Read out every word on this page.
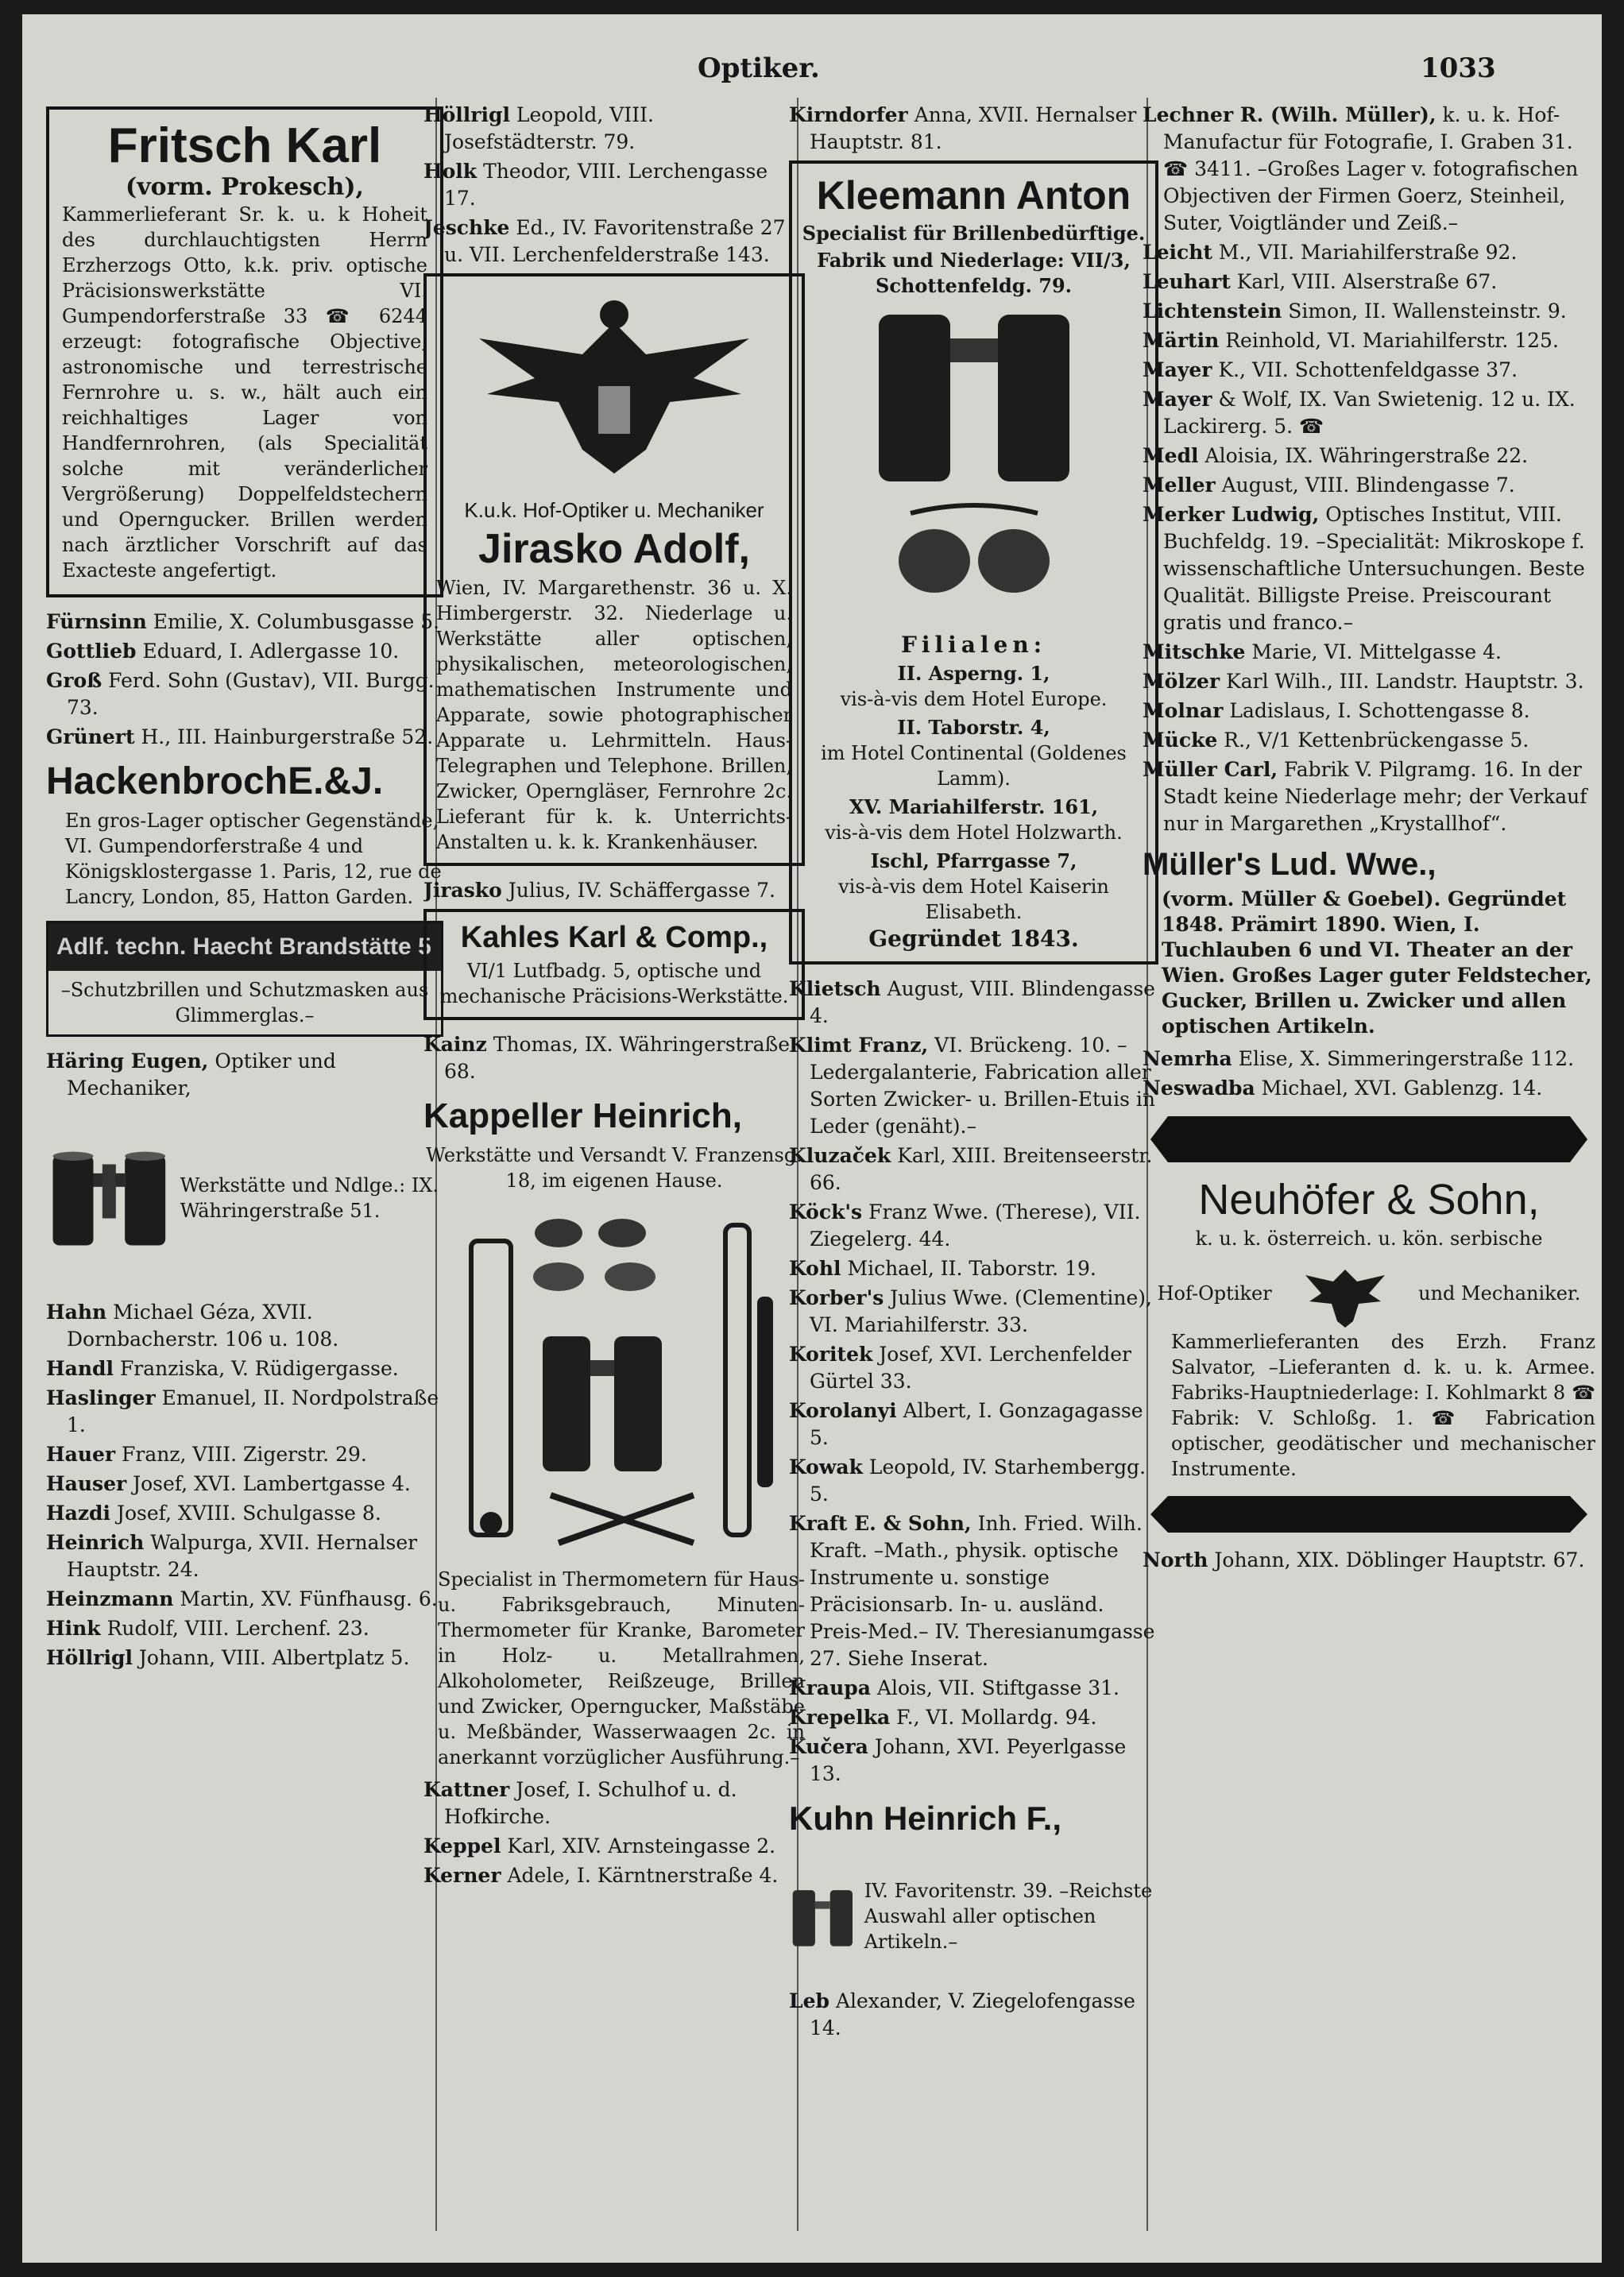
Optiker.	1033
Fritsch Karl

(vorm. Prokesch),

Kammerlieferant Sr. k. u. k Hoheit des durchlauchtigsten Herrn Erzherzogs Otto, k.k. priv. optische Präcisionswerkstätte VI. Gumpendorferstraße 33 ☎ 6244 erzeugt: fotografische Objective, astronomische und terrestrische Fernrohre u. s. w., hält auch ein reichhaltiges Lager von Handfernrohren, (als Specialität solche mit veränderlicher Vergrößerung) Doppelfeldstechern und Operngucker. Brillen werden nach ärztlicher Vorschrift auf das Exacteste angefertigt.

Fürnsinn Emilie, X. Columbusgasse 5.
Gottlieb Eduard, I. Adlergasse 10.
Groß Ferd. Sohn (Gustav), VII. Burgg. 73.
Grünert H., III. Hainburgerstraße 52.
HackenbrochE.&J.
En gros-Lager optischer Gegenstände, VI. Gumpendorferstraße 4 und Königsklostergasse 1. Paris, 12, rue de Lancry, London, 85, Hatton Garden.
Adlf. techn. Haecht Brandstätte 5
–Schutzbrillen und Schutzmasken aus Glimmerglas.–
Häring Eugen, Optiker und Mechaniker,
Werkstätte und Ndlge.: IX. Währingerstraße 51.
Hahn Michael Géza, XVII. Dornbacherstr. 106 u. 108.
Handl Franziska, V. Rüdigergasse.
Haslinger Emanuel, II. Nordpolstraße 1.
Hauer Franz, VIII. Zigerstr. 29.
Hauser Josef, XVI. Lambertgasse 4.
Hazdi Josef, XVIII. Schulgasse 8.
Heinrich Walpurga, XVII. Hernalser Hauptstr. 24.
Heinzmann Martin, XV. Fünfhausg. 6.
Hink Rudolf, VIII. Lerchenf. 23.
Höllrigl Johann, VIII. Albertplatz 5.
Höllrigl Leopold, VIII. Josefstädterstr. 79.
Holk Theodor, VIII. Lerchengasse 17.
Jeschke Ed., IV. Favoritenstraße 27 u. VII. Lerchenfelderstraße 143.

K.u.k. Hof-Optiker u. Mechaniker

Jirasko Adolf,

Wien, IV. Margarethenstr. 36 u. X. Himbergerstr. 32. Niederlage u. Werkstätte aller optischen, physikalischen, meteorologischen, mathematischen Instrumente und Apparate, sowie photographischer Apparate u. Lehrmitteln. Haus-Telegraphen und Telephone. Brillen, Zwicker, Operngläser, Fernrohre 2c. Lieferant für k. k. Unterrichts-Anstalten u. k. k. Krankenhäuser.

Jirasko Julius, IV. Schäffergasse 7.
Kahles Karl & Comp.,

VI/1 Lutfbadg. 5, optische und mechanische Präcisions-Werkstätte.

Kainz Thomas, IX. Währingerstraße 68.
Kappeller Heinrich,
Werkstätte und Versandt V. Franzensg. 18, im eigenen Hause.
Specialist in Thermometern für Haus- u. Fabriksgebrauch, Minuten-Thermometer für Kranke, Barometer in Holz- u. Metallrahmen, Alkoholometer, Reißzeuge, Brillen und Zwicker, Operngucker, Maßstäbe u. Meßbänder, Wasserwaagen 2c. in anerkannt vorzüglicher Ausführung.–
Kattner Josef, I. Schulhof u. d. Hofkirche.
Keppel Karl, XIV. Arnsteingasse 2.
Kerner Adele, I. Kärntnerstraße 4.
Kirndorfer Anna, XVII. Hernalser Hauptstr. 81.
Kleemann Anton

Specialist für Brillenbedürftige.

Fabrik und Niederlage: VII/3, Schottenfeldg. 79.

Filialen:

II. Asperng. 1,

vis-à-vis dem Hotel Europe.

II. Taborstr. 4,

im Hotel Continental (Goldenes Lamm).

XV. Mariahilferstr. 161,

vis-à-vis dem Hotel Holzwarth.

Ischl, Pfarrgasse 7,

vis-à-vis dem Hotel Kaiserin Elisabeth.

Gegründet 1843.

Klietsch August, VIII. Blindengasse 4.
Klimt Franz, VI. Brückeng. 10. –Ledergalanterie, Fabrication aller Sorten Zwicker- u. Brillen-Etuis in Leder (genäht).–
Kluzaček Karl, XIII. Breitenseerstr. 66.
Köck's Franz Wwe. (Therese), VII. Ziegelerg. 44.
Kohl Michael, II. Taborstr. 19.
Korber's Julius Wwe. (Clementine), VI. Mariahilferstr. 33.
Koritek Josef, XVI. Lerchenfelder Gürtel 33.
Korolanyi Albert, I. Gonzagagasse 5.
Kowak Leopold, IV. Starhembergg. 5.
Kraft E. & Sohn, Inh. Fried. Wilh. Kraft. –Math., physik. optische Instrumente u. sonstige Präcisionsarb. In- u. ausländ. Preis-Med.– IV. Theresianumgasse 27. Siehe Inserat.
Kraupa Alois, VII. Stiftgasse 31.
Krepelka F., VI. Mollardg. 94.
Kučera Johann, XVI. Peyerlgasse 13.
Kuhn Heinrich F.,
IV. Favoritenstr. 39. –Reichste Auswahl aller optischen Artikeln.–
Leb Alexander, V. Ziegelofengasse 14.
Lechner R. (Wilh. Müller), k. u. k. Hof-Manufactur für Fotografie, I. Graben 31. ☎ 3411. –Großes Lager v. fotografischen Objectiven der Firmen Goerz, Steinheil, Suter, Voigtländer und Zeiß.–
Leicht M., VII. Mariahilferstraße 92.
Leuhart Karl, VIII. Alserstraße 67.
Lichtenstein Simon, II. Wallensteinstr. 9.
Märtin Reinhold, VI. Mariahilferstr. 125.
Mayer K., VII. Schottenfeldgasse 37.
Mayer & Wolf, IX. Van Swietenig. 12 u. IX. Lackirerg. 5. ☎
Medl Aloisia, IX. Währingerstraße 22.
Meller August, VIII. Blindengasse 7.
Merker Ludwig, Optisches Institut, VIII. Buchfeldg. 19. –Specialität: Mikroskope f. wissenschaftliche Untersuchungen. Beste Qualität. Billigste Preise. Preiscourant gratis und franco.–
Mitschke Marie, VI. Mittelgasse 4.
Mölzer Karl Wilh., III. Landstr. Hauptstr. 3.
Molnar Ladislaus, I. Schottengasse 8.
Mücke R., V/1 Kettenbrückengasse 5.
Müller Carl, Fabrik V. Pilgramg. 16. In der Stadt keine Niederlage mehr; der Verkauf nur in Margarethen „Krystallhof“.
Müller's Lud. Wwe.,
(vorm. Müller & Goebel). Gegründet 1848. Prämirt 1890. Wien, I. Tuchlauben 6 und VI. Theater an der Wien. Großes Lager guter Feldstecher, Gucker, Brillen u. Zwicker und allen optischen Artikeln.
Nemrha Elise, X. Simmeringerstraße 112.
Neswadba Michael, XVI. Gablenzg. 14.
Neuhöfer & Sohn,
k. u. k. österreich. u. kön. serbische
Hof-Optiker	und Mechaniker.
Kammerlieferanten des Erzh. Franz Salvator, –Lieferanten d. k. u. k. Armee. Fabriks-Hauptniederlage: I. Kohlmarkt 8 ☎ Fabrik: V. Schloßg. 1. ☎ Fabrication optischer, geodätischer und mechanischer Instrumente.
North Johann, XIX. Döblinger Hauptstr. 67.
